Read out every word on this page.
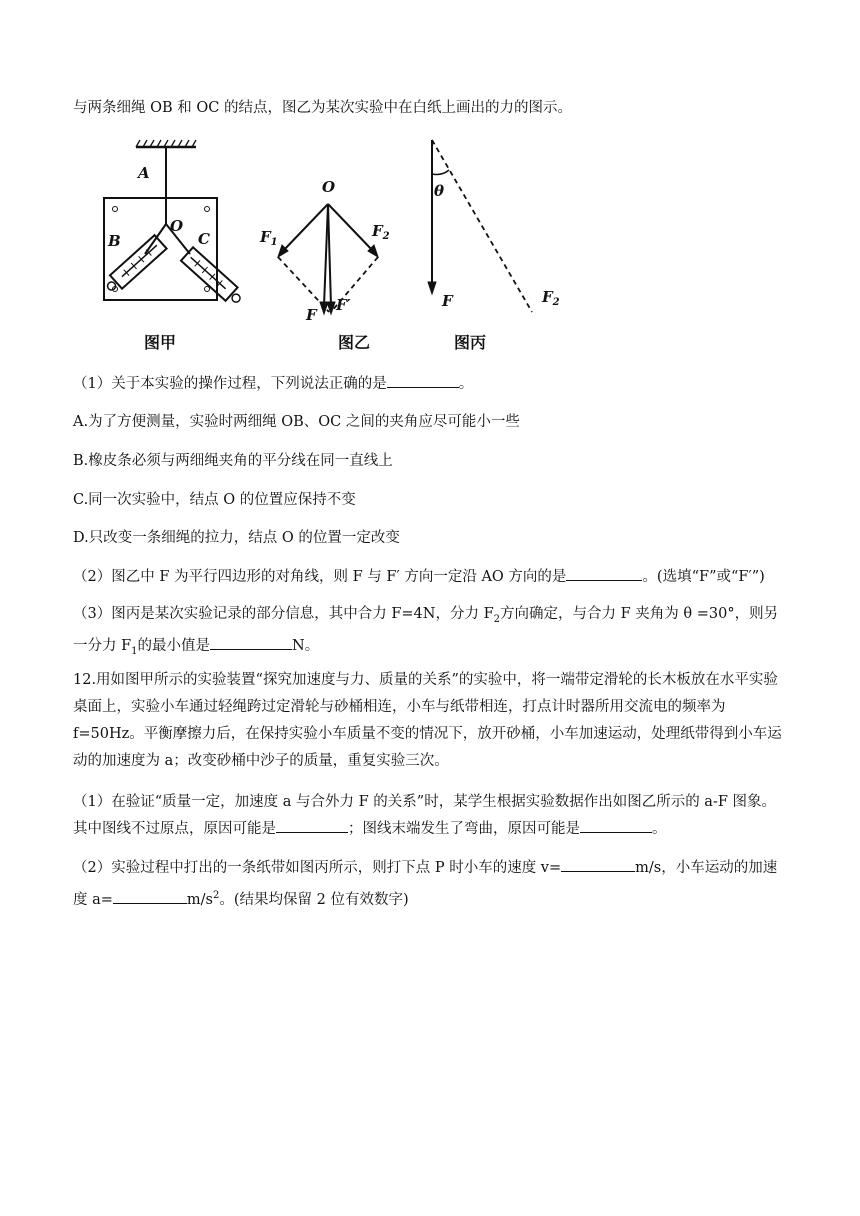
与两条细绳 OB 和 OC 的结点，图乙为某次实验中在白纸上画出的力的图示。

A
B
O
C
图甲
O
$F_1$
$F_2$
F
F′
图乙
θ
F	$F_2$
图丙

（1）关于本实验的操作过程，下列说法正确的是	。

A.为了方便测量，实验时两细绳 OB、OC 之间的夹角应尽可能小一些

B.橡皮条必须与两细绳夹角的平分线在同一直线上

C.同一次实验中，结点 O 的位置应保持不变

D.只改变一条细绳的拉力，结点 O 的位置一定改变

（2）图乙中 F 为平行四边形的对角线，则 F 与 F′ 方向一定沿 AO 方向的是	。(选填“F”或“F′”)

（3）图丙是某次实验记录的部分信息，其中合力 F=4N，分力 $F_2$方向确定，与合力 F 夹角为 θ =30°，则另一分力 $F_1$的最小值是	N。

12.用如图甲所示的实验装置“探究加速度与力、质量的关系”的实验中，将一端带定滑轮的长木板放在水平实验桌面上，实验小车通过轻绳跨过定滑轮与砂桶相连，小车与纸带相连，打点计时器所用交流电的频率为 f=50Hz。平衡摩擦力后，在保持实验小车质量不变的情况下，放开砂桶，小车加速运动，处理纸带得到小车运动的加速度为 a；改变砂桶中沙子的质量，重复实验三次。

（1）在验证“质量一定，加速度 a 与合外力 F 的关系”时，某学生根据实验数据作出如图乙所示的 a-F 图象。其中图线不过原点，原因可能是	；图线末端发生了弯曲，原因可能是	。

（2）实验过程中打出的一条纸带如图丙所示，则打下点 P 时小车的速度 v=	m/s，小车运动的加速度 a=	$m/s^2$。(结果均保留 2 位有效数字)
